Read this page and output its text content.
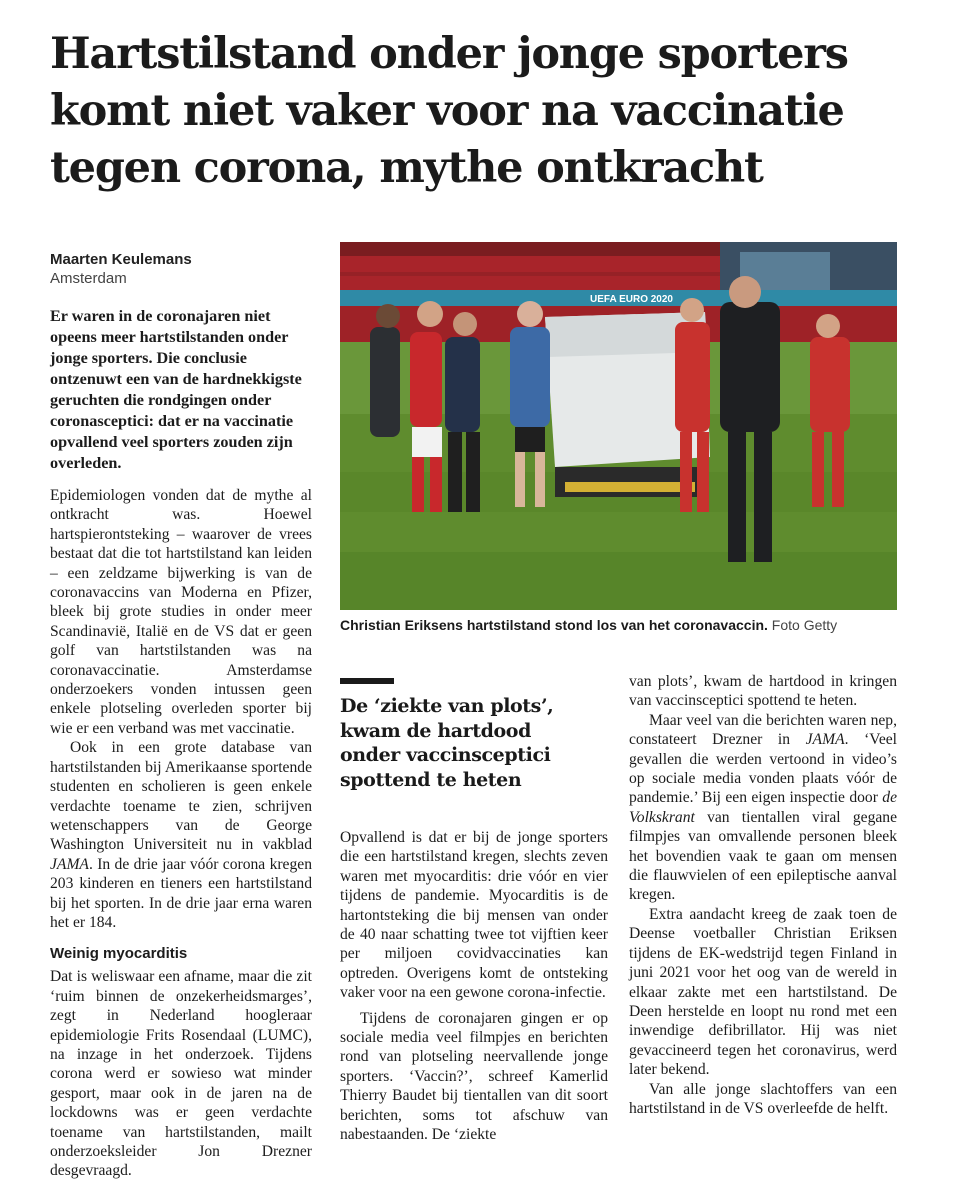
Hartstilstand onder jonge sporters komt niet vaker voor na vaccinatie tegen corona, mythe ontkracht
Maarten Keulemans
Amsterdam

Er waren in de coronajaren niet opeens meer hartstilstanden onder jonge sporters. Die conclusie ontzenuwt een van de hardnekkigste geruchten die rondgingen onder coronasceptici: dat er na vaccinatie opvallend veel sporters zouden zijn overleden.

Epidemiologen vonden dat de mythe al ontkracht was. Hoewel hartspierontsteking – waarover de vrees bestaat dat die tot hartstilstand kan leiden – een zeldzame bijwerking is van de coronavaccins van Moderna en Pfizer, bleek bij grote studies in onder meer Scandinavië, Italië en de VS dat er geen golf van hartstilstanden was na coronavaccinatie. Amsterdamse onderzoekers vonden intussen geen enkele plotseling overleden sporter bij wie er een verband was met vaccinatie.

Ook in een grote database van hartstilstanden bij Amerikaanse sportende studenten en scholieren is geen enkele verdachte toename te zien, schrijven wetenschappers van de George Washington Universiteit nu in vakblad JAMA. In de drie jaar vóór corona kregen 203 kinderen en tieners een hartstilstand bij het sporten. In de drie jaar erna waren het er 184.

Weinig myocarditis

Dat is weliswaar een afname, maar die zit ‘ruim binnen de onzekerheidsmarges’, zegt in Nederland hoogleraar epidemiologie Frits Rosendaal (LUMC), na inzage in het onderzoek. Tijdens corona werd er sowieso wat minder gesport, maar ook in de jaren na de lockdowns was er geen verdachte toename van hartstilstanden, mailt onderzoeksleider Jon Drezner desgevraagd.

UEFA EURO 2020
Christian Eriksens hartstilstand stond los van het coronavaccin. Foto Getty

De ‘ziekte van plots’, kwam de hartdood onder vaccinsceptici spottend te heten

Opvallend is dat er bij de jonge sporters die een hartstilstand kregen, slechts zeven waren met myocarditis: drie vóór en vier tijdens de pandemie. Myocarditis is de hartontsteking die bij mensen van onder de 40 naar schatting twee tot vijftien keer per miljoen covidvaccinaties kan optreden. Overigens komt de ontsteking vaker voor na een gewone corona-infectie.

Tijdens de coronajaren gingen er op sociale media veel filmpjes en berichten rond van plotseling neervallende jonge sporters. ‘Vaccin?’, schreef Kamerlid Thierry Baudet bij tientallen van dit soort berichten, soms tot afschuw van nabestaanden. De ‘ziekte

van plots’, kwam de hartdood in kringen van vaccinsceptici spottend te heten.

Maar veel van die berichten waren nep, constateert Drezner in JAMA. ‘Veel gevallen die werden vertoond in video’s op sociale media vonden plaats vóór de pandemie.’ Bij een eigen inspectie door de Volkskrant van tientallen viral gegane filmpjes van omvallende personen bleek het bovendien vaak te gaan om mensen die flauwvielen of een epileptische aanval kregen.

Extra aandacht kreeg de zaak toen de Deense voetballer Christian Eriksen tijdens de EK-wedstrijd tegen Finland in juni 2021 voor het oog van de wereld in elkaar zakte met een hartstilstand. De Deen herstelde en loopt nu rond met een inwendige defibrillator. Hij was niet gevaccineerd tegen het coronavirus, werd later bekend.

Van alle jonge slachtoffers van een hartstilstand in de VS overleefde de helft.
